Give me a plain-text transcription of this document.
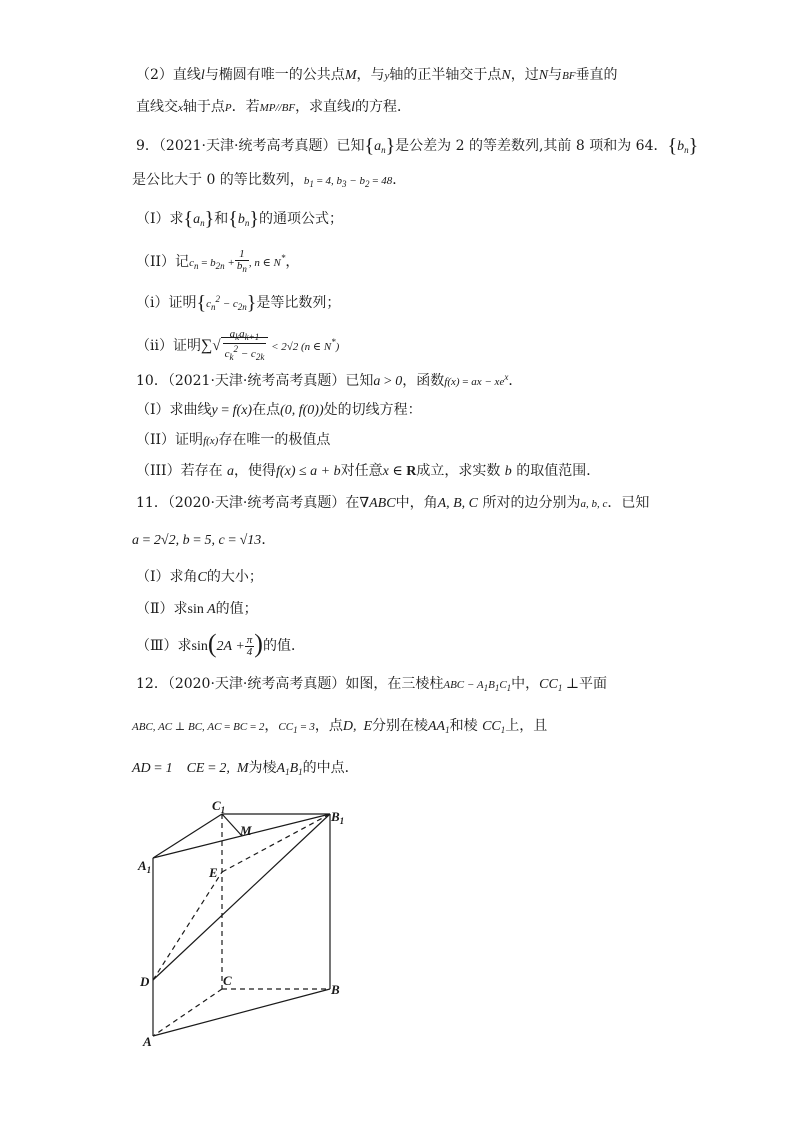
（2）直线l与椭圆有唯一的公共点M，与y轴的正半轴交于点N，过N与BF垂直的
直线交x轴于点P．若MP//BF，求直线l的方程．
9．（2021·天津·统考高考真题）已知$\{a_n\}$是公差为 2 的等差数列,其前 8 项和为 64．$\{b_n\}$
是公比大于 0 的等比数列，$b_1 = 4$, $b_3 - b_2 = 48$．
（I）求$\{a_n\}$和$\{b_n\}$的通项公式；
（II）记$c_n = b_{2n} + \frac{1}{b_n}$ , n ∈ N*，
（i）证明$\{c_n^2 - c_{2n}\}$是等比数列；
（ii）证明∑√ $\frac{a_ka_{k+1}}{c_k^2 - c_{2k}} < 2√2$ (n ∈ N*)
10．（2021·天津·统考高考真题）已知a > 0，函数f(x) = ax − $xe^x$．
（I）求曲线y = f(x)在点(0, f(0))处的切线方程：
（II）证明f(x)存在唯一的极值点
（III）若存在 a，使得f(x) ≤ a + b对任意x ∈ R成立，求实数 b 的取值范围．
11．（2020·天津·统考高考真题）在∇ABC中，角A, B, C 所对的边分别为a, b, c．已知
a = 2√2, b = 5, c = √13．
（Ⅰ）求角C的大小；
（Ⅱ）求sin A的值；
（Ⅲ）求$\sin(2A + \frac{\pi}{4}$ )的值．
12．（2020·天津·统考高考真题）如图，在三棱柱ABC − $A_1B_1C_1$中，$CC_1$ ⊥平面
ABC, AC ⊥ BC, AC = BC = 2，$CC_1 = 3$，点D,  E分别在棱$AA_1$和棱 $CC_1$上，且
AD = 1    CE = 2,  M为棱$A_1B_1$的中点．
$C_1$	$B_1$
$A_1$
M
E
D	C
B
A
